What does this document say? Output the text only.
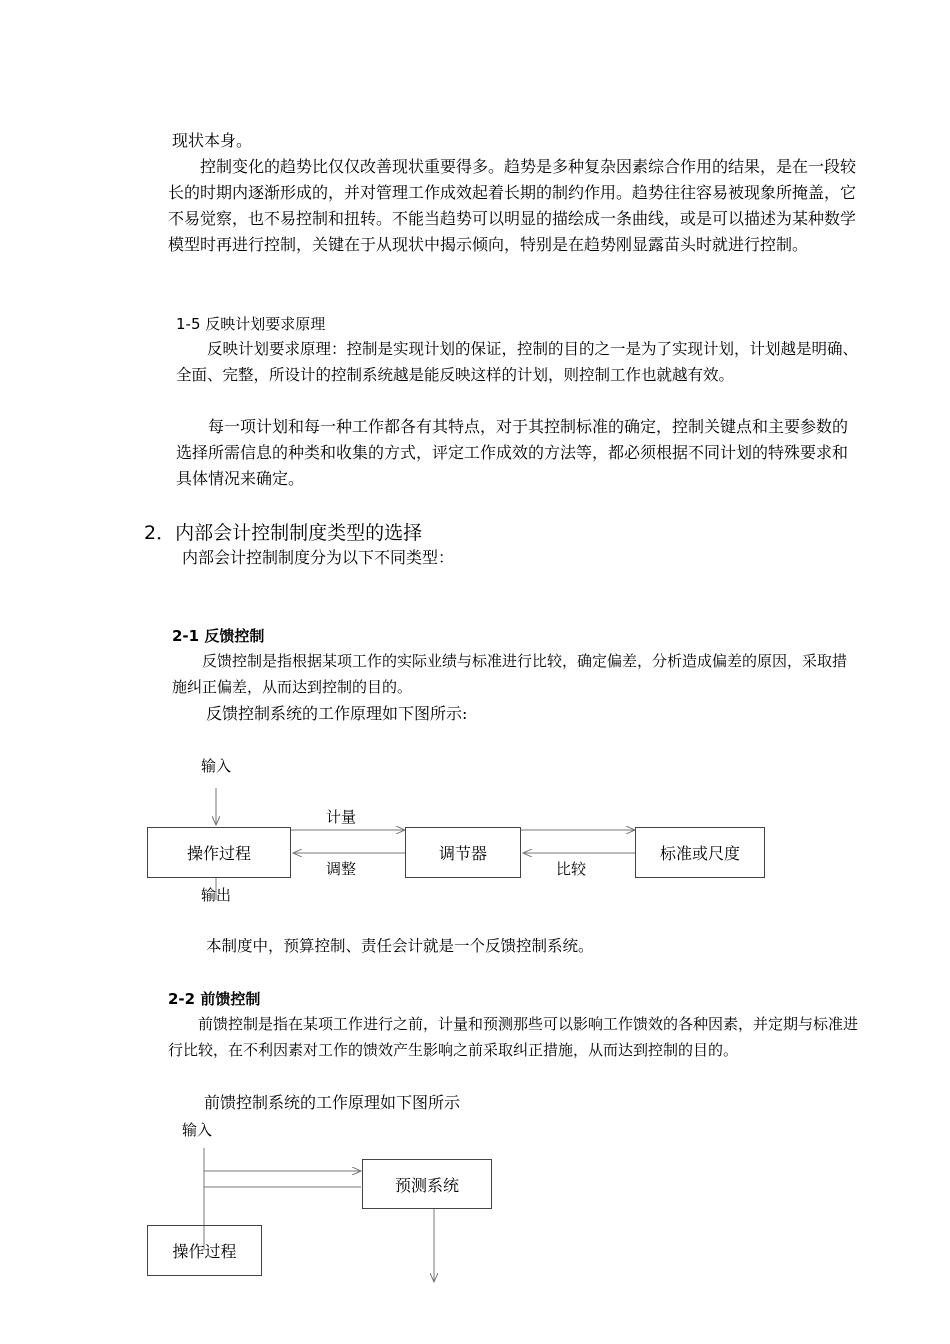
现状本身。
控制变化的趋势比仅仅改善现状重要得多。趋势是多种复杂因素综合作用的结果，是在一段较长的时期内逐渐形成的，并对管理工作成效起着长期的制约作用。趋势往往容易被现象所掩盖，它不易觉察，也不易控制和扭转。不能当趋势可以明显的描绘成一条曲线，或是可以描述为某种数学模型时再进行控制，关键在于从现状中揭示倾向，特别是在趋势刚显露苗头时就进行控制。
1-5 反映计划要求原理
反映计划要求原理：控制是实现计划的保证，控制的目的之一是为了实现计划，计划越是明确、全面、完整，所设计的控制系统越是能反映这样的计划，则控制工作也就越有效。
每一项计划和每一种工作都各有其特点，对于其控制标准的确定，控制关键点和主要参数的选择所需信息的种类和收集的方式，评定工作成效的方法等，都必须根据不同计划的特殊要求和具体情况来确定。
2．内部会计控制制度类型的选择
内部会计控制制度分为以下不同类型：
2-1 反馈控制
反馈控制是指根据某项工作的实际业绩与标准进行比较，确定偏差，分析造成偏差的原因，采取措施纠正偏差，从而达到控制的目的。
反馈控制系统的工作原理如下图所示:
输入
计量
调整	比较
输出
操作过程	调节器	标准或尺度
本制度中，预算控制、责任会计就是一个反馈控制系统。
2-2 前馈控制
前馈控制是指在某项工作进行之前，计量和预测那些可以影响工作馈效的各种因素，并定期与标准进行比较，在不利因素对工作的馈效产生影响之前采取纠正措施，从而达到控制的目的。
前馈控制系统的工作原理如下图所示
输入
预测系统
操作过程
